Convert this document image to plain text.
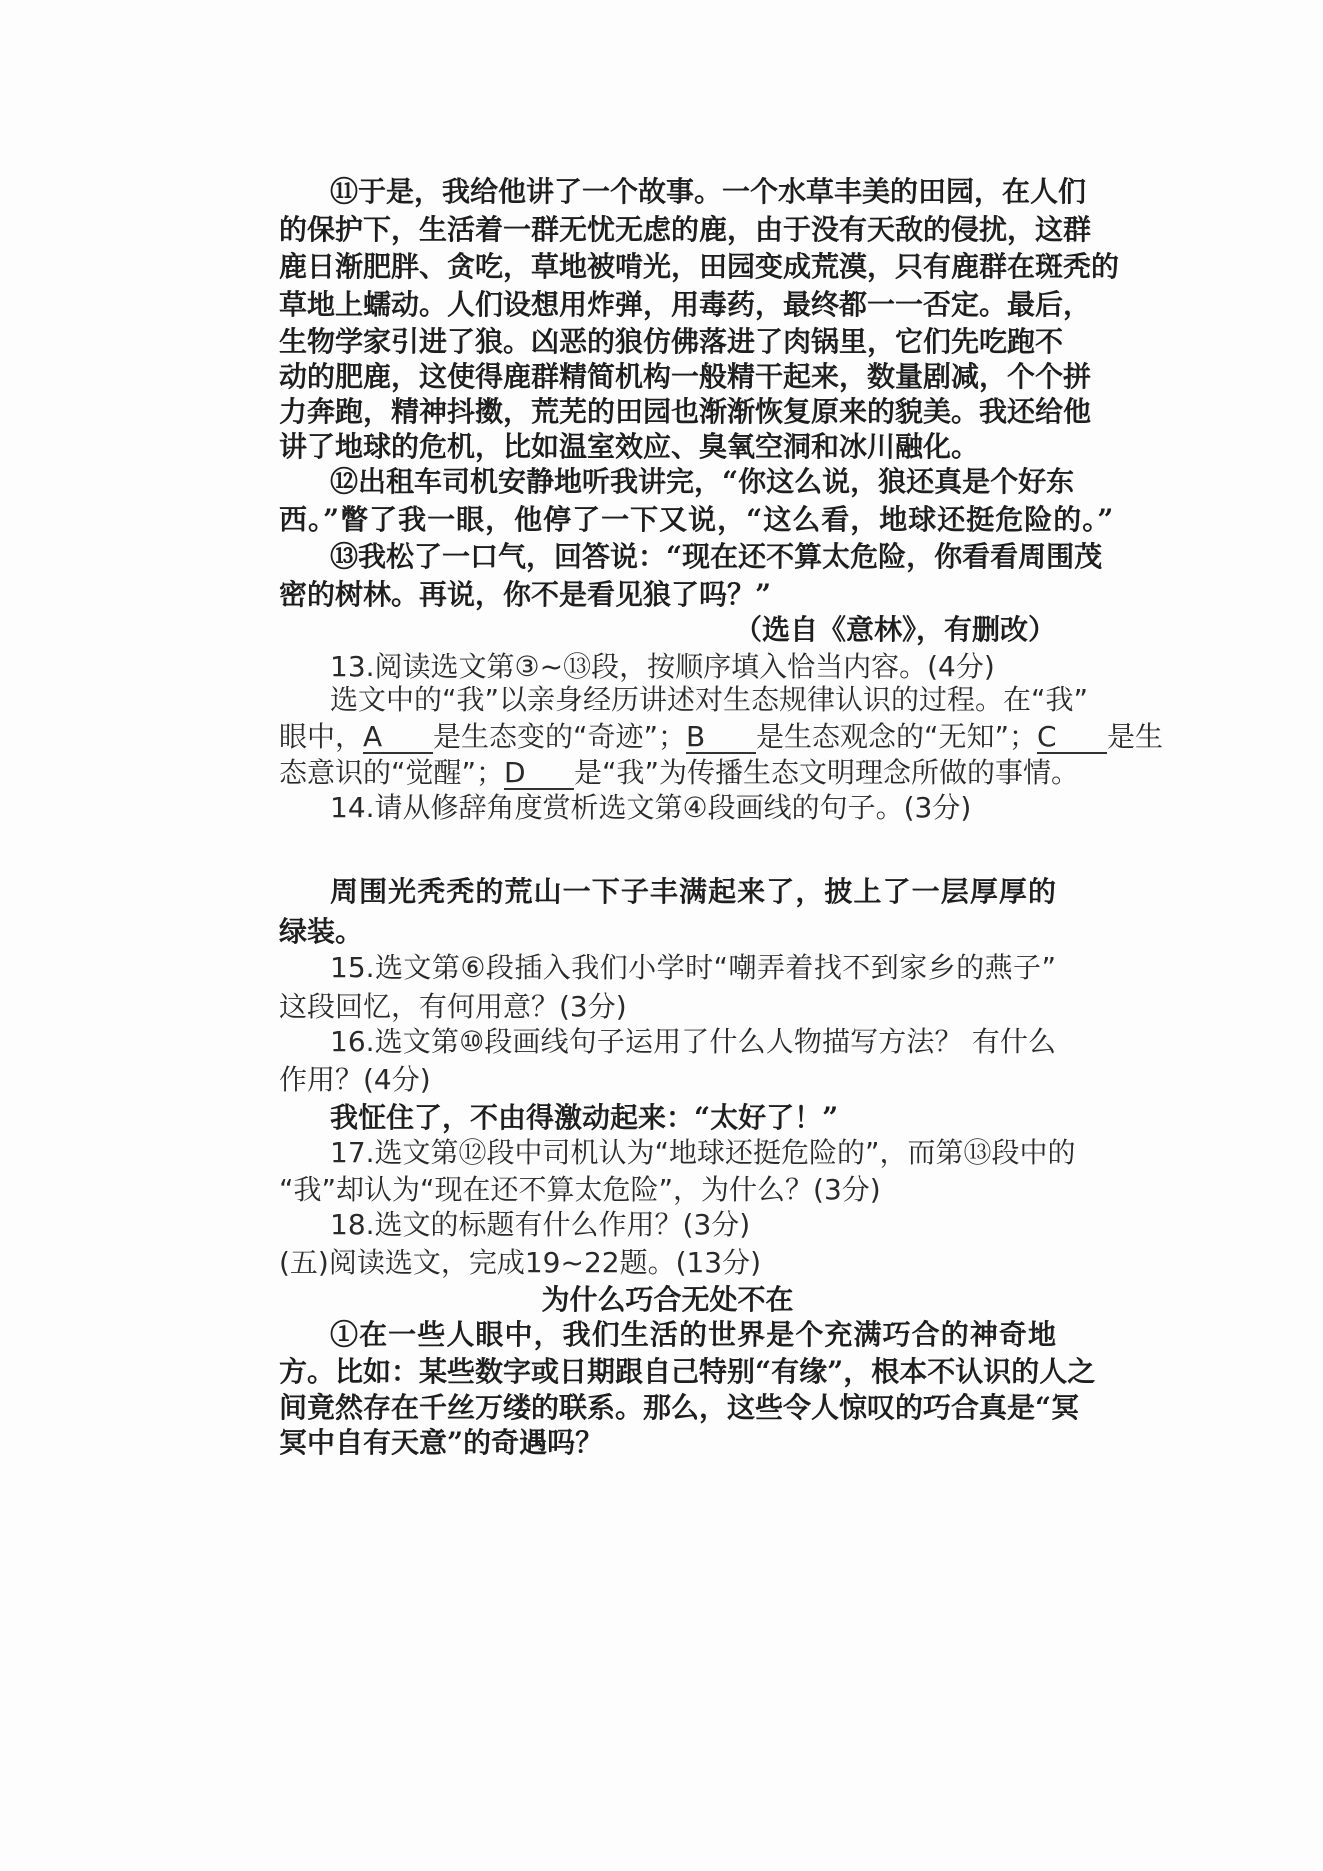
⑪于是，我给他讲了一个故事。一个水草丰美的田园，在人们
的保护下，生活着一群无忧无虑的鹿，由于没有天敌的侵扰，这群
鹿日渐肥胖、贪吃，草地被啃光，田园变成荒漠，只有鹿群在斑秃的
草地上蠕动。人们设想用炸弹，用毒药，最终都一一否定。最后，
生物学家引进了狼。凶恶的狼仿佛落进了肉锅里，它们先吃跑不
动的肥鹿，这使得鹿群精简机构一般精干起来，数量剧减，个个拼
力奔跑，精神抖擞，荒芜的田园也渐渐恢复原来的貌美。我还给他
讲了地球的危机，比如温室效应、臭氧空洞和冰川融化。
⑫出租车司机安静地听我讲完，“你这么说，狼还真是个好东
西。”瞥了我一眼，他停了一下又说，“这么看，地球还挺危险的。”
⑬我松了一口气，回答说：“现在还不算太危险，你看看周围茂
密的树林。再说，你不是看见狼了吗？”
（选自《意林》，有删改）
13.阅读选文第③~⑬段，按顺序填入恰当内容。(4分)
选文中的“我”以亲身经历讲述对生态规律认识的过程。在“我”
眼中，A 是生态变的“奇迹”；B 是生态观念的“无知”；C 是生
态意识的“觉醒”；D 是“我”为传播生态文明理念所做的事情。
14.请从修辞角度赏析选文第④段画线的句子。(3分)
周围光秃秃的荒山一下子丰满起来了，披上了一层厚厚的
绿装。
15.选文第⑥段插入我们小学时“嘲弄着找不到家乡的燕子”
这段回忆，有何用意？(3分)
16.选文第⑩段画线句子运用了什么人物描写方法？ 有什么
作用？(4分)
我怔住了，不由得激动起来：“太好了！”
17.选文第⑫段中司机认为“地球还挺危险的”，而第⑬段中的
“我”却认为“现在还不算太危险”，为什么？(3分)
18.选文的标题有什么作用？(3分)
(五)阅读选文，完成19~22题。(13分)
为什么巧合无处不在
①在一些人眼中，我们生活的世界是个充满巧合的神奇地
方。比如：某些数字或日期跟自己特别“有缘”，根本不认识的人之
间竟然存在千丝万缕的联系。那么，这些令人惊叹的巧合真是“冥
冥中自有天意”的奇遇吗？
